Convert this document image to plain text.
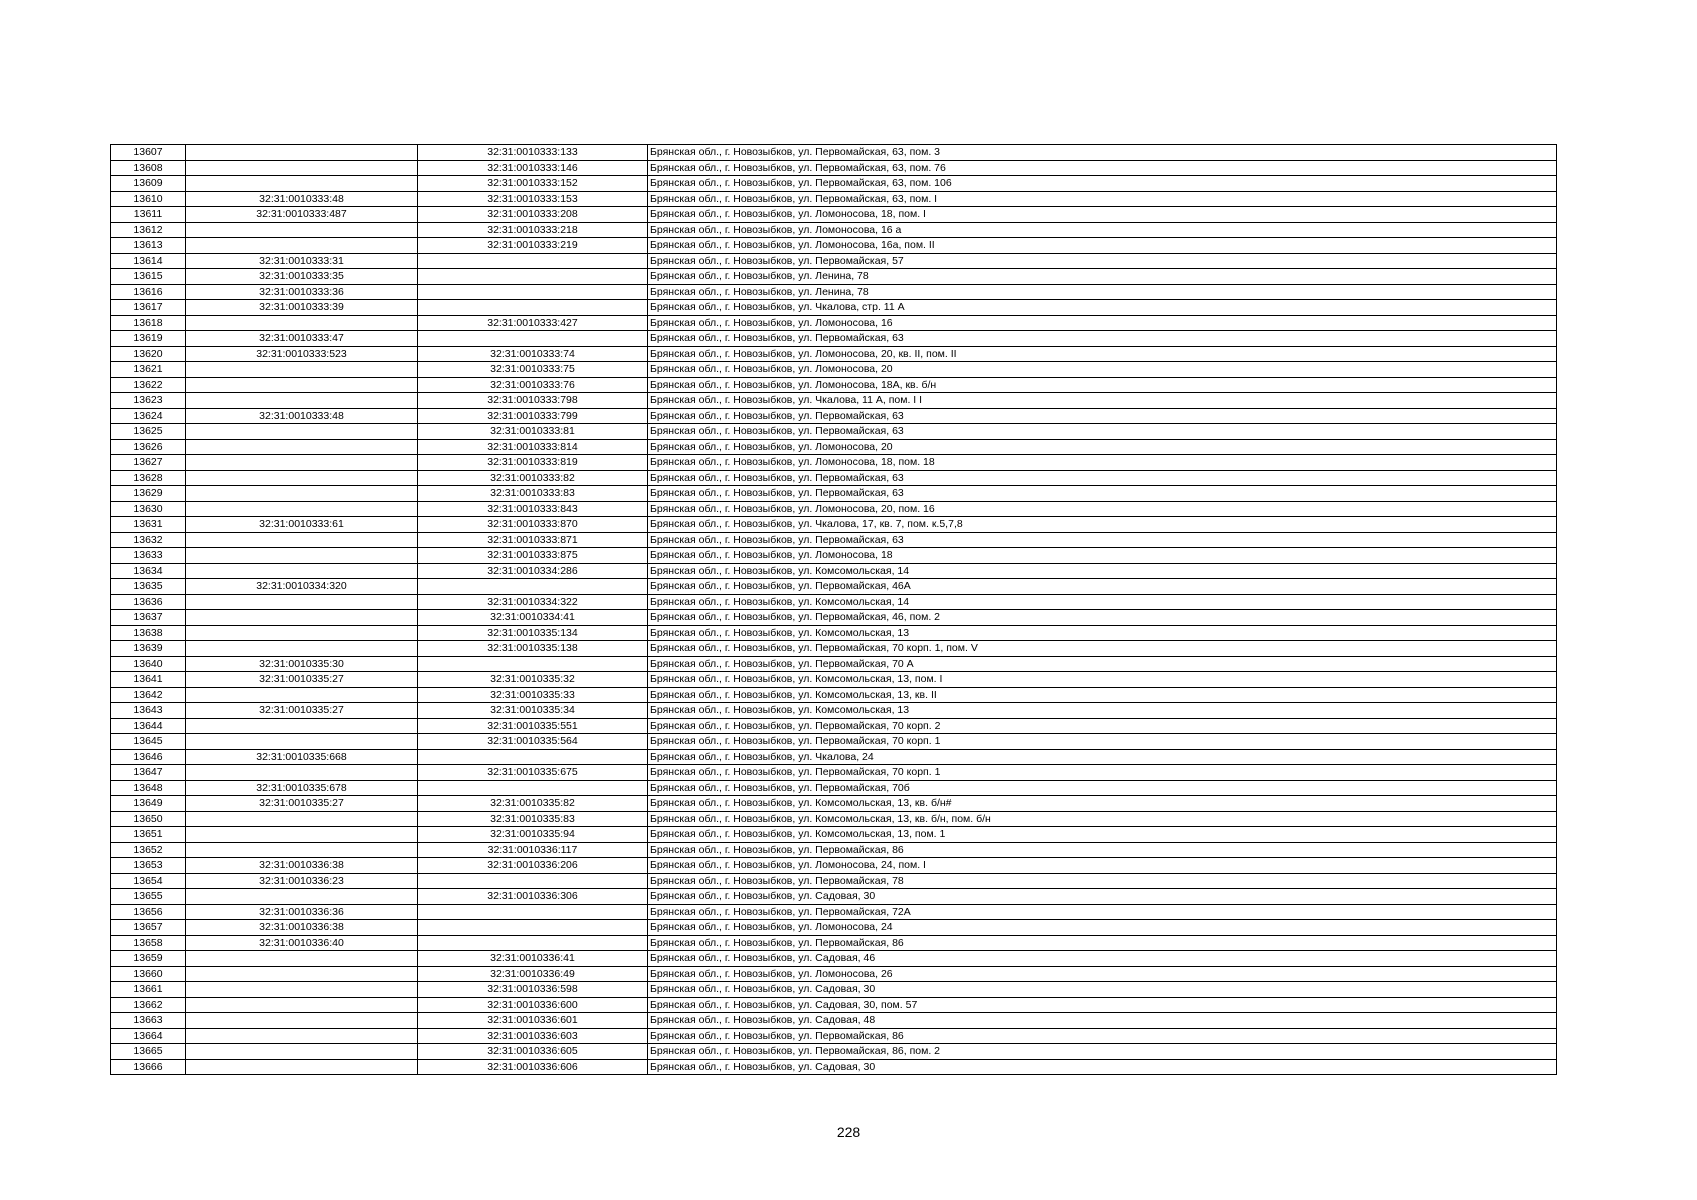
13607		32:31:0010333:133	Брянская обл., г. Новозыбков, ул. Первомайская, 63, пом. 3
13608		32:31:0010333:146	Брянская обл., г. Новозыбков, ул. Первомайская, 63, пом. 76
13609		32:31:0010333:152	Брянская обл., г. Новозыбков, ул. Первомайская, 63, пом. 106
13610	32:31:0010333:48	32:31:0010333:153	Брянская обл., г. Новозыбков, ул. Первомайская, 63, пом. I
13611	32:31:0010333:487	32:31:0010333:208	Брянская обл., г. Новозыбков, ул. Ломоносова, 18, пом. I
13612		32:31:0010333:218	Брянская обл., г. Новозыбков, ул. Ломоносова, 16 а
13613		32:31:0010333:219	Брянская обл., г. Новозыбков, ул. Ломоносова, 16а, пом. II
13614	32:31:0010333:31		Брянская обл., г. Новозыбков, ул. Первомайская, 57
13615	32:31:0010333:35		Брянская обл., г. Новозыбков, ул. Ленина, 78
13616	32:31:0010333:36		Брянская обл., г. Новозыбков, ул. Ленина, 78
13617	32:31:0010333:39		Брянская обл., г. Новозыбков, ул. Чкалова, стр. 11 А
13618		32:31:0010333:427	Брянская обл., г. Новозыбков, ул. Ломоносова, 16
13619	32:31:0010333:47		Брянская обл., г. Новозыбков, ул. Первомайская, 63
13620	32:31:0010333:523	32:31:0010333:74	Брянская обл., г. Новозыбков, ул. Ломоносова, 20, кв. II, пом. II
13621		32:31:0010333:75	Брянская обл., г. Новозыбков, ул. Ломоносова, 20
13622		32:31:0010333:76	Брянская обл., г. Новозыбков, ул. Ломоносова, 18А, кв. б/н
13623		32:31:0010333:798	Брянская обл., г. Новозыбков, ул. Чкалова, 11 А, пом. I I
13624	32:31:0010333:48	32:31:0010333:799	Брянская обл., г. Новозыбков, ул. Первомайская, 63
13625		32:31:0010333:81	Брянская обл., г. Новозыбков, ул. Первомайская, 63
13626		32:31:0010333:814	Брянская обл., г. Новозыбков, ул. Ломоносова, 20
13627		32:31:0010333:819	Брянская обл., г. Новозыбков, ул. Ломоносова, 18, пом. 18
13628		32:31:0010333:82	Брянская обл., г. Новозыбков, ул. Первомайская, 63
13629		32:31:0010333:83	Брянская обл., г. Новозыбков, ул. Первомайская, 63
13630		32:31:0010333:843	Брянская обл., г. Новозыбков, ул. Ломоносова, 20, пом. 16
13631	32:31:0010333:61	32:31:0010333:870	Брянская обл., г. Новозыбков, ул. Чкалова, 17, кв. 7, пом. к.5,7,8
13632		32:31:0010333:871	Брянская обл., г. Новозыбков, ул. Первомайская, 63
13633		32:31:0010333:875	Брянская обл., г. Новозыбков, ул. Ломоносова, 18
13634		32:31:0010334:286	Брянская обл., г. Новозыбков, ул. Комсомольская, 14
13635	32:31:0010334:320		Брянская обл., г. Новозыбков, ул. Первомайская, 46А
13636		32:31:0010334:322	Брянская обл., г. Новозыбков, ул. Комсомольская, 14
13637		32:31:0010334:41	Брянская обл., г. Новозыбков, ул. Первомайская, 46, пом. 2
13638		32:31:0010335:134	Брянская обл., г. Новозыбков, ул. Комсомольская, 13
13639		32:31:0010335:138	Брянская обл., г. Новозыбков, ул. Первомайская, 70 корп. 1, пом. V
13640	32:31:0010335:30		Брянская обл., г. Новозыбков, ул. Первомайская, 70 А
13641	32:31:0010335:27	32:31:0010335:32	Брянская обл., г. Новозыбков, ул. Комсомольская, 13, пом. I
13642		32:31:0010335:33	Брянская обл., г. Новозыбков, ул. Комсомольская, 13, кв. II
13643	32:31:0010335:27	32:31:0010335:34	Брянская обл., г. Новозыбков, ул. Комсомольская, 13
13644		32:31:0010335:551	Брянская обл., г. Новозыбков, ул. Первомайская, 70 корп. 2
13645		32:31:0010335:564	Брянская обл., г. Новозыбков, ул. Первомайская, 70 корп. 1
13646	32:31:0010335:668		Брянская обл., г. Новозыбков, ул. Чкалова, 24
13647		32:31:0010335:675	Брянская обл., г. Новозыбков, ул. Первомайская, 70 корп. 1
13648	32:31:0010335:678		Брянская обл., г. Новозыбков, ул. Первомайская, 70б
13649	32:31:0010335:27	32:31:0010335:82	Брянская обл., г. Новозыбков, ул. Комсомольская, 13, кв. б/н#
13650		32:31:0010335:83	Брянская обл., г. Новозыбков, ул. Комсомольская, 13, кв. б/н, пом. б/н
13651		32:31:0010335:94	Брянская обл., г. Новозыбков, ул. Комсомольская, 13, пом. 1
13652		32:31:0010336:117	Брянская обл., г. Новозыбков, ул. Первомайская, 86
13653	32:31:0010336:38	32:31:0010336:206	Брянская обл., г. Новозыбков, ул. Ломоносова, 24, пом. I
13654	32:31:0010336:23		Брянская обл., г. Новозыбков, ул. Первомайская, 78
13655		32:31:0010336:306	Брянская обл., г. Новозыбков, ул. Садовая, 30
13656	32:31:0010336:36		Брянская обл., г. Новозыбков, ул. Первомайская, 72А
13657	32:31:0010336:38		Брянская обл., г. Новозыбков, ул. Ломоносова, 24
13658	32:31:0010336:40		Брянская обл., г. Новозыбков, ул. Первомайская, 86
13659		32:31:0010336:41	Брянская обл., г. Новозыбков, ул. Садовая, 46
13660		32:31:0010336:49	Брянская обл., г. Новозыбков, ул. Ломоносова, 26
13661		32:31:0010336:598	Брянская обл., г. Новозыбков, ул. Садовая, 30
13662		32:31:0010336:600	Брянская обл., г. Новозыбков, ул. Садовая, 30, пом. 57
13663		32:31:0010336:601	Брянская обл., г. Новозыбков, ул. Садовая, 48
13664		32:31:0010336:603	Брянская обл., г. Новозыбков, ул. Первомайская, 86
13665		32:31:0010336:605	Брянская обл., г. Новозыбков, ул. Первомайская, 86, пом. 2
13666		32:31:0010336:606	Брянская обл., г. Новозыбков, ул. Садовая, 30
228
